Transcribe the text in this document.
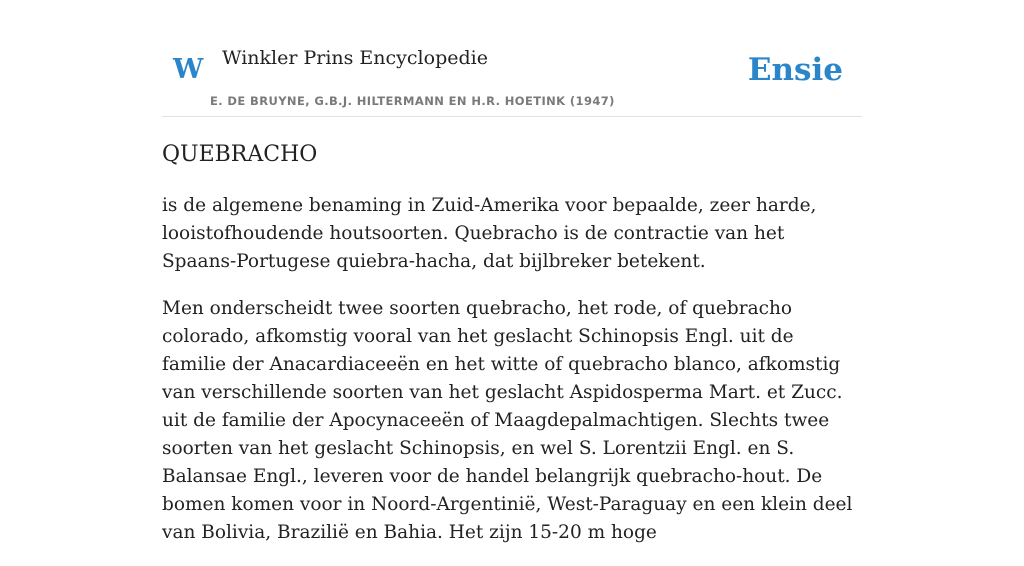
W Winkler Prins Encyclopedie
E. DE BRUYNE, G.B.J. HILTERMANN EN H.R. HOETINK (1947)
Ensie
QUEBRACHO

is de algemene benaming in Zuid-Amerika voor bepaalde, zeer harde, looistofhoudende houtsoorten. Quebracho is de contractie van het Spaans-Portugese quiebra-hacha, dat bijlbreker betekent.

Men onderscheidt twee soorten quebracho, het rode, of quebracho colorado, afkomstig vooral van het geslacht Schinopsis Engl. uit de familie der Anacardiaceeën en het witte of quebracho blanco, afkomstig van verschillende soorten van het geslacht Aspidosperma Mart. et Zucc. uit de familie der Apocynaceeën of Maagdepalmachtigen. Slechts twee soorten van het geslacht Schinopsis, en wel S. Lorentzii Engl. en S. Balansae Engl., leveren voor de handel belangrijk quebracho-hout. De bomen komen voor in Noord-Argentinië, West-Paraguay en een klein deel van Bolivia, Brazilië en Bahia. Het zijn 15-20 m hoge
